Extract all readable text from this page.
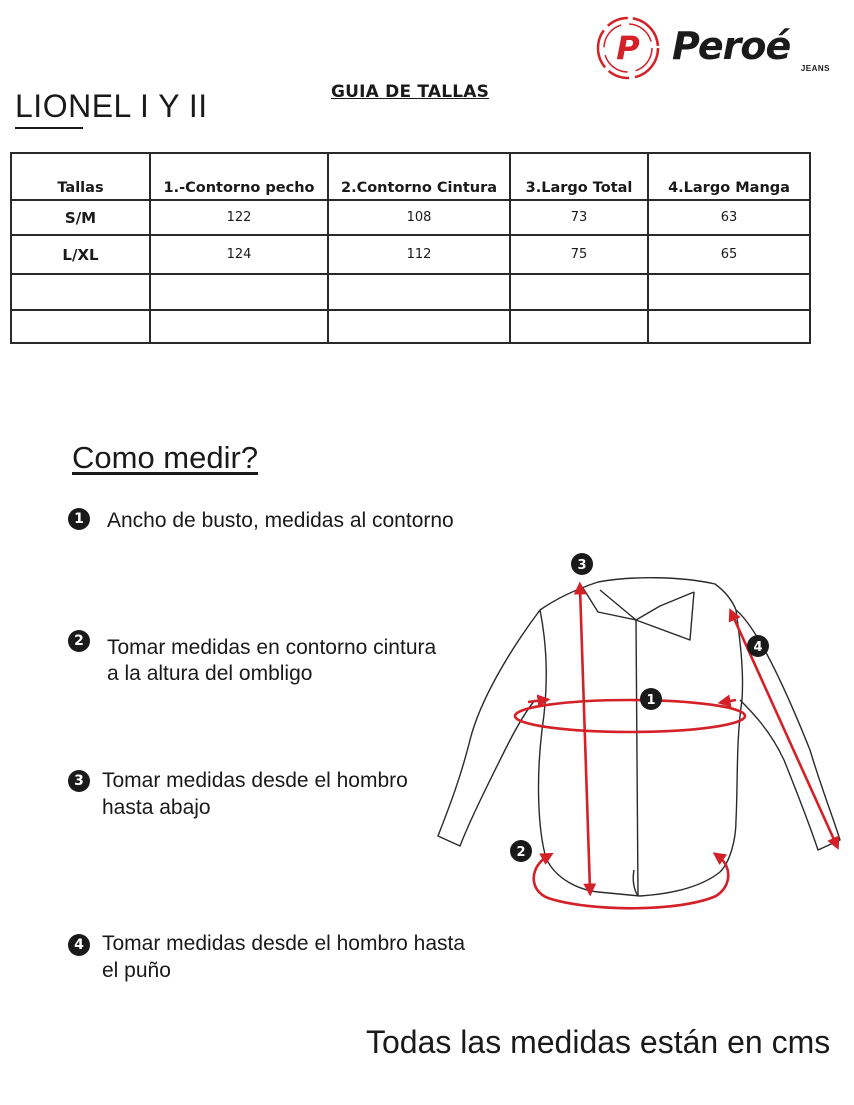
P Peroé
JEANS
GUIA DE TALLAS
LIONEL I Y II
Tallas	1.-Contorno pecho	2.Contorno Cintura	3.Largo Total	4.Largo Manga
S/M	122	108	73	63
L/XL	124	112	75	65

Como medir?
1 Ancho de busto, medidas al contorno
2 Tomar medidas en contorno cintura
a la altura del ombligo
3 Tomar medidas desde el hombro
hasta abajo
4 Tomar medidas desde el hombro hasta
el puño
1
2
3
4
Todas las medidas están en cms
